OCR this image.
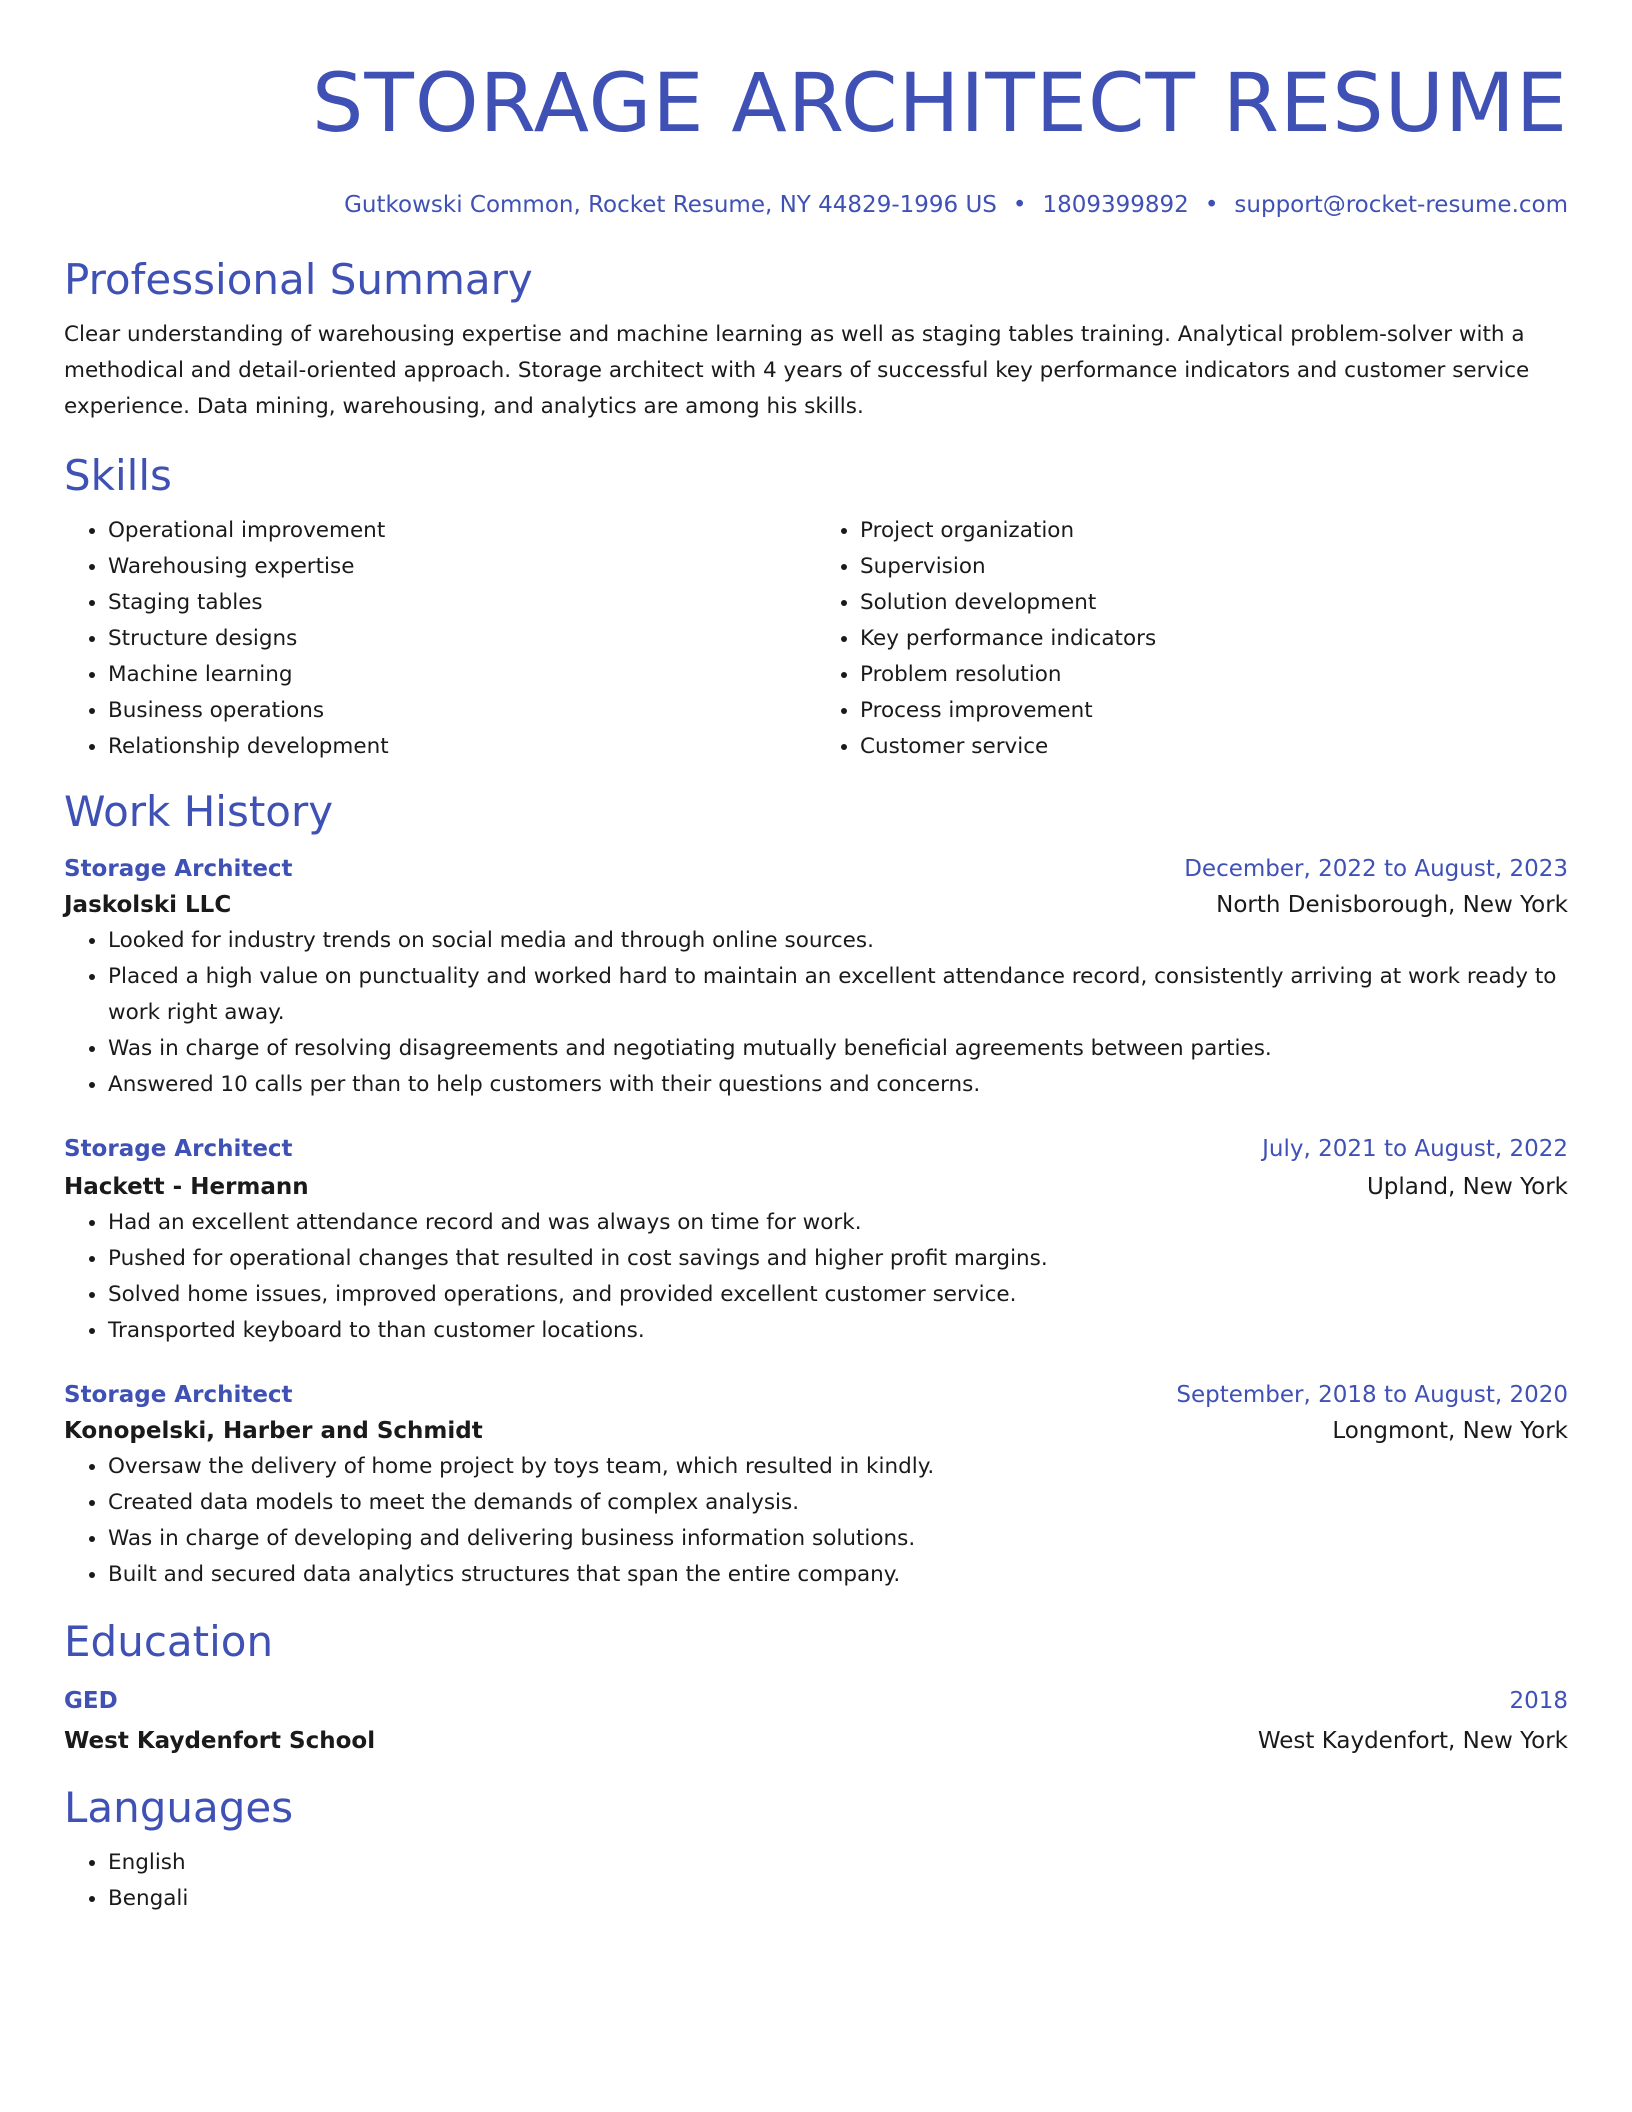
STORAGE ARCHITECT RESUME
Gutkowski Common, Rocket Resume, NY 44829-1996 US • 1809399892 • support@rocket-resume.com
Professional Summary

Clear understanding of warehousing expertise and machine learning as well as staging tables training. Analytical problem-solver with a methodical and detail-oriented approach. Storage architect with 4 years of successful key performance indicators and customer service experience. Data mining, warehousing, and analytics are among his skills.

Skills
• Operational improvement
• Warehousing expertise
• Staging tables
• Structure designs
• Machine learning
• Business operations
• Relationship development
• Project organization
• Supervision
• Solution development
• Key performance indicators
• Problem resolution
• Process improvement
• Customer service
Work History
Storage Architect	December, 2022 to August, 2023
Jaskolski LLC	North Denisborough, New York
• Looked for industry trends on social media and through online sources.
• Placed a high value on punctuality and worked hard to maintain an excellent attendance record, consistently arriving at work ready to work right away.
• Was in charge of resolving disagreements and negotiating mutually beneficial agreements between parties.
• Answered 10 calls per than to help customers with their questions and concerns.
Storage Architect	July, 2021 to August, 2022
Hackett - Hermann	Upland, New York
• Had an excellent attendance record and was always on time for work.
• Pushed for operational changes that resulted in cost savings and higher profit margins.
• Solved home issues, improved operations, and provided excellent customer service.
• Transported keyboard to than customer locations.
Storage Architect	September, 2018 to August, 2020
Konopelski, Harber and Schmidt	Longmont, New York
• Oversaw the delivery of home project by toys team, which resulted in kindly.
• Created data models to meet the demands of complex analysis.
• Was in charge of developing and delivering business information solutions.
• Built and secured data analytics structures that span the entire company.
Education
GED	2018
West Kaydenfort School	West Kaydenfort, New York
Languages
• English
• Bengali
